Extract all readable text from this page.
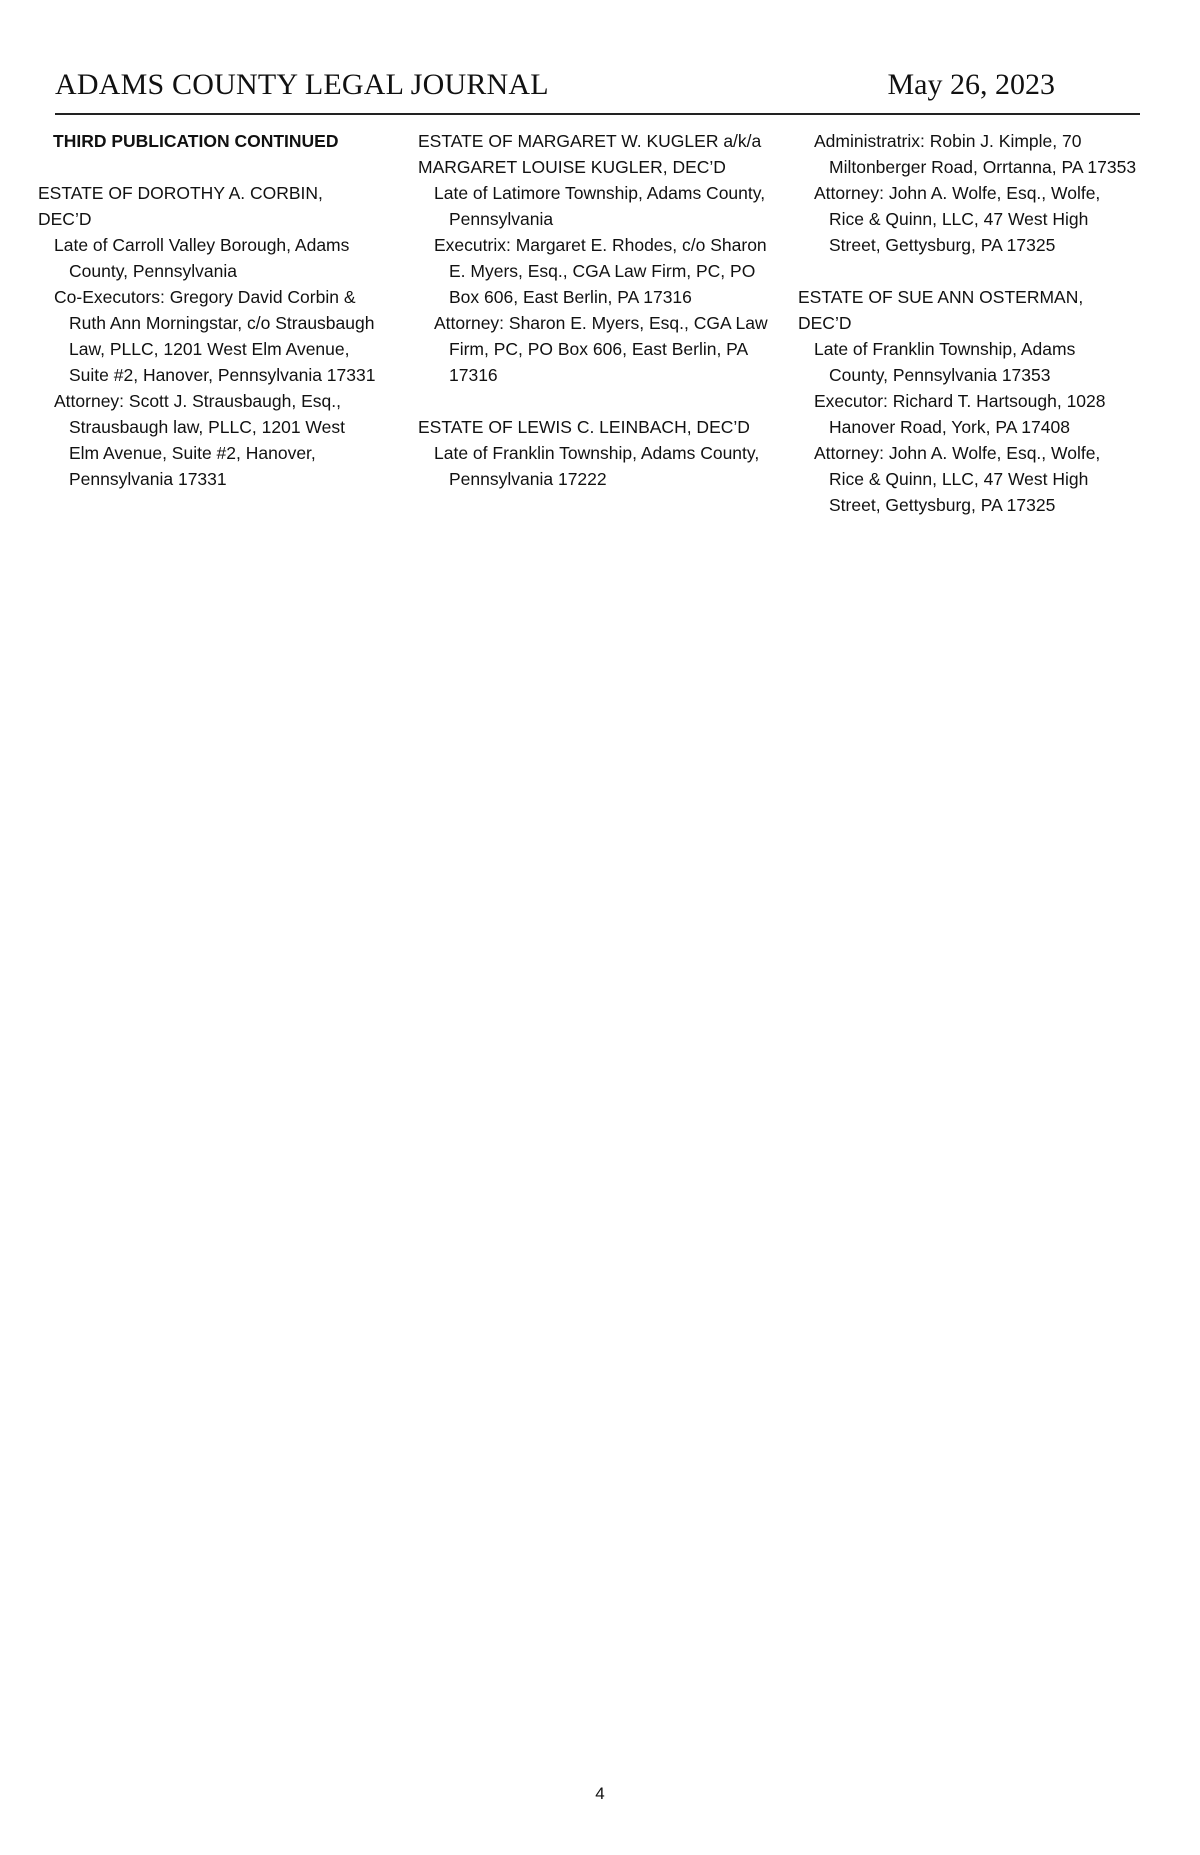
ADAMS COUNTY LEGAL JOURNAL	May 26, 2023

THIRD PUBLICATION CONTINUED

ESTATE OF DOROTHY A. CORBIN, DEC’D

Late of Carroll Valley Borough, Adams County, Pennsylvania

Co-Executors: Gregory David Corbin & Ruth Ann Morningstar, c/o Strausbaugh Law, PLLC, 1201 West Elm Avenue, Suite #2, Hanover, Pennsylvania 17331

Attorney: Scott J. Strausbaugh, Esq., Strausbaugh law, PLLC, 1201 West Elm Avenue, Suite #2, Hanover, Pennsylvania 17331

ESTATE OF MARGARET W. KUGLER a/k/a MARGARET LOUISE KUGLER, DEC’D

Late of Latimore Township, Adams County, Pennsylvania

Executrix: Margaret E. Rhodes, c/o Sharon E. Myers, Esq., CGA Law Firm, PC, PO Box 606, East Berlin, PA 17316

Attorney: Sharon E. Myers, Esq., CGA Law Firm, PC, PO Box 606, East Berlin, PA 17316

ESTATE OF LEWIS C. LEINBACH, DEC’D

Late of Franklin Township, Adams County, Pennsylvania 17222

Administratrix: Robin J. Kimple, 70 Miltonberger Road, Orrtanna, PA 17353

Attorney: John A. Wolfe, Esq., Wolfe, Rice & Quinn, LLC, 47 West High Street, Gettysburg, PA 17325

ESTATE OF SUE ANN OSTERMAN, DEC’D

Late of Franklin Township, Adams County, Pennsylvania 17353

Executor: Richard T. Hartsough, 1028 Hanover Road, York, PA 17408

Attorney: John A. Wolfe, Esq., Wolfe, Rice & Quinn, LLC, 47 West High Street, Gettysburg, PA 17325

4
